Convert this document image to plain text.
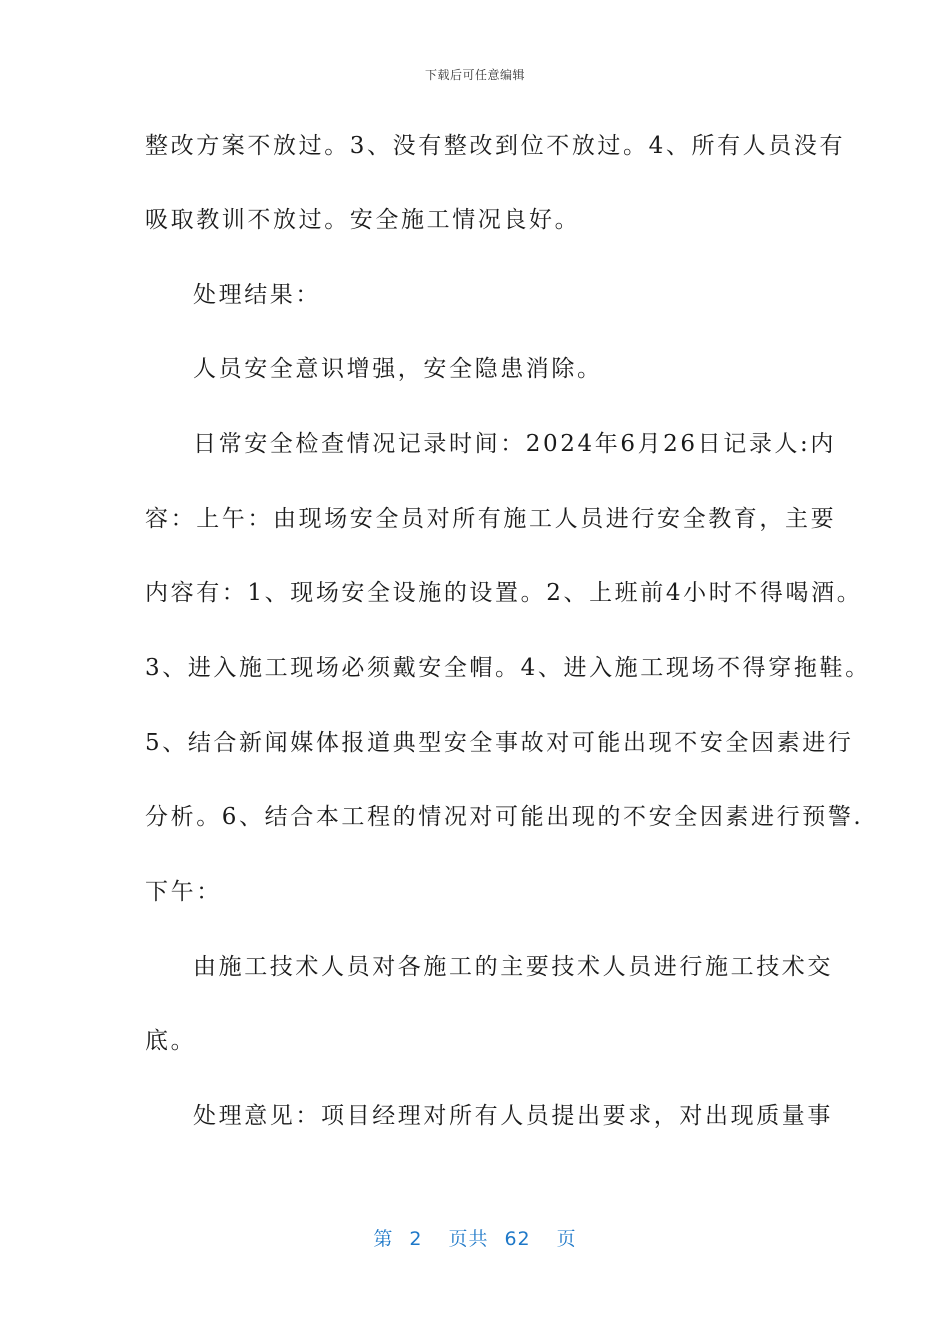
下载后可任意编辑
整改方案不放过。3、没有整改到位不放过。4、所有人员没有
吸取教训不放过。安全施工情况良好。
处理结果：
人员安全意识增强，安全隐患消除。
日常安全检查情况记录时间：2024年6月26日记录人:内
容：上午：由现场安全员对所有施工人员进行安全教育，主要
内容有：1、现场安全设施的设置。2、上班前4小时不得喝酒。
3、进入施工现场必须戴安全帽。4、进入施工现场不得穿拖鞋。
5、结合新闻媒体报道典型安全事故对可能出现不安全因素进行
分析。6、结合本工程的情况对可能出现的不安全因素进行预警.
下午：
由施工技术人员对各施工的主要技术人员进行施工技术交
底。
处理意见：项目经理对所有人员提出要求，对出现质量事
第 2 页共 62 页
